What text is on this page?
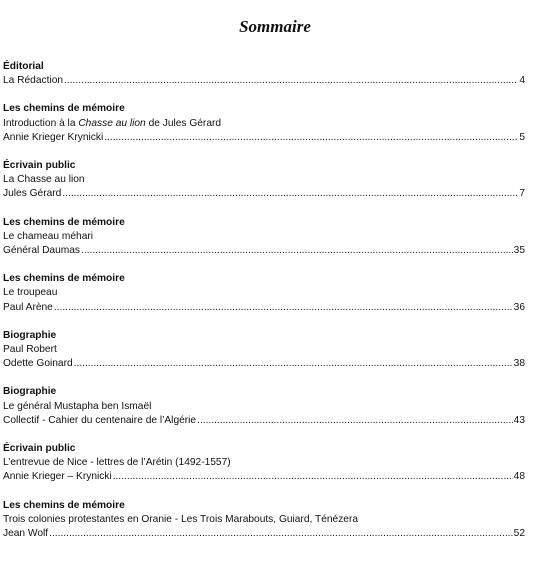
Sommaire
Éditorial
La Rédaction .....	4
Les chemins de mémoire
Introduction à la Chasse au lion de Jules Gérard
Annie Krieger Krynicki .....	5
Écrivain public
La Chasse au lion
Jules Gérard .....	7
Les chemins de mémoire
Le chameau méhari
Général Daumas .....	35
Les chemins de mémoire
Le troupeau
Paul Arène .....	36
Biographie
Paul Robert
Odette Goinard .....	38
Biographie
Le général Mustapha ben Ismaël
Collectif - Cahier du centenaire de l’Algérie .....	43
Écrivain public
L’entrevue de Nice - lettres de l’Arétin (1492-1557)
Annie Krieger – Krynicki .....	48
Les chemins de mémoire
Trois colonies protestantes en Oranie - Les Trois Marabouts, Guiard, Ténézera
Jean Wolf .....	52
